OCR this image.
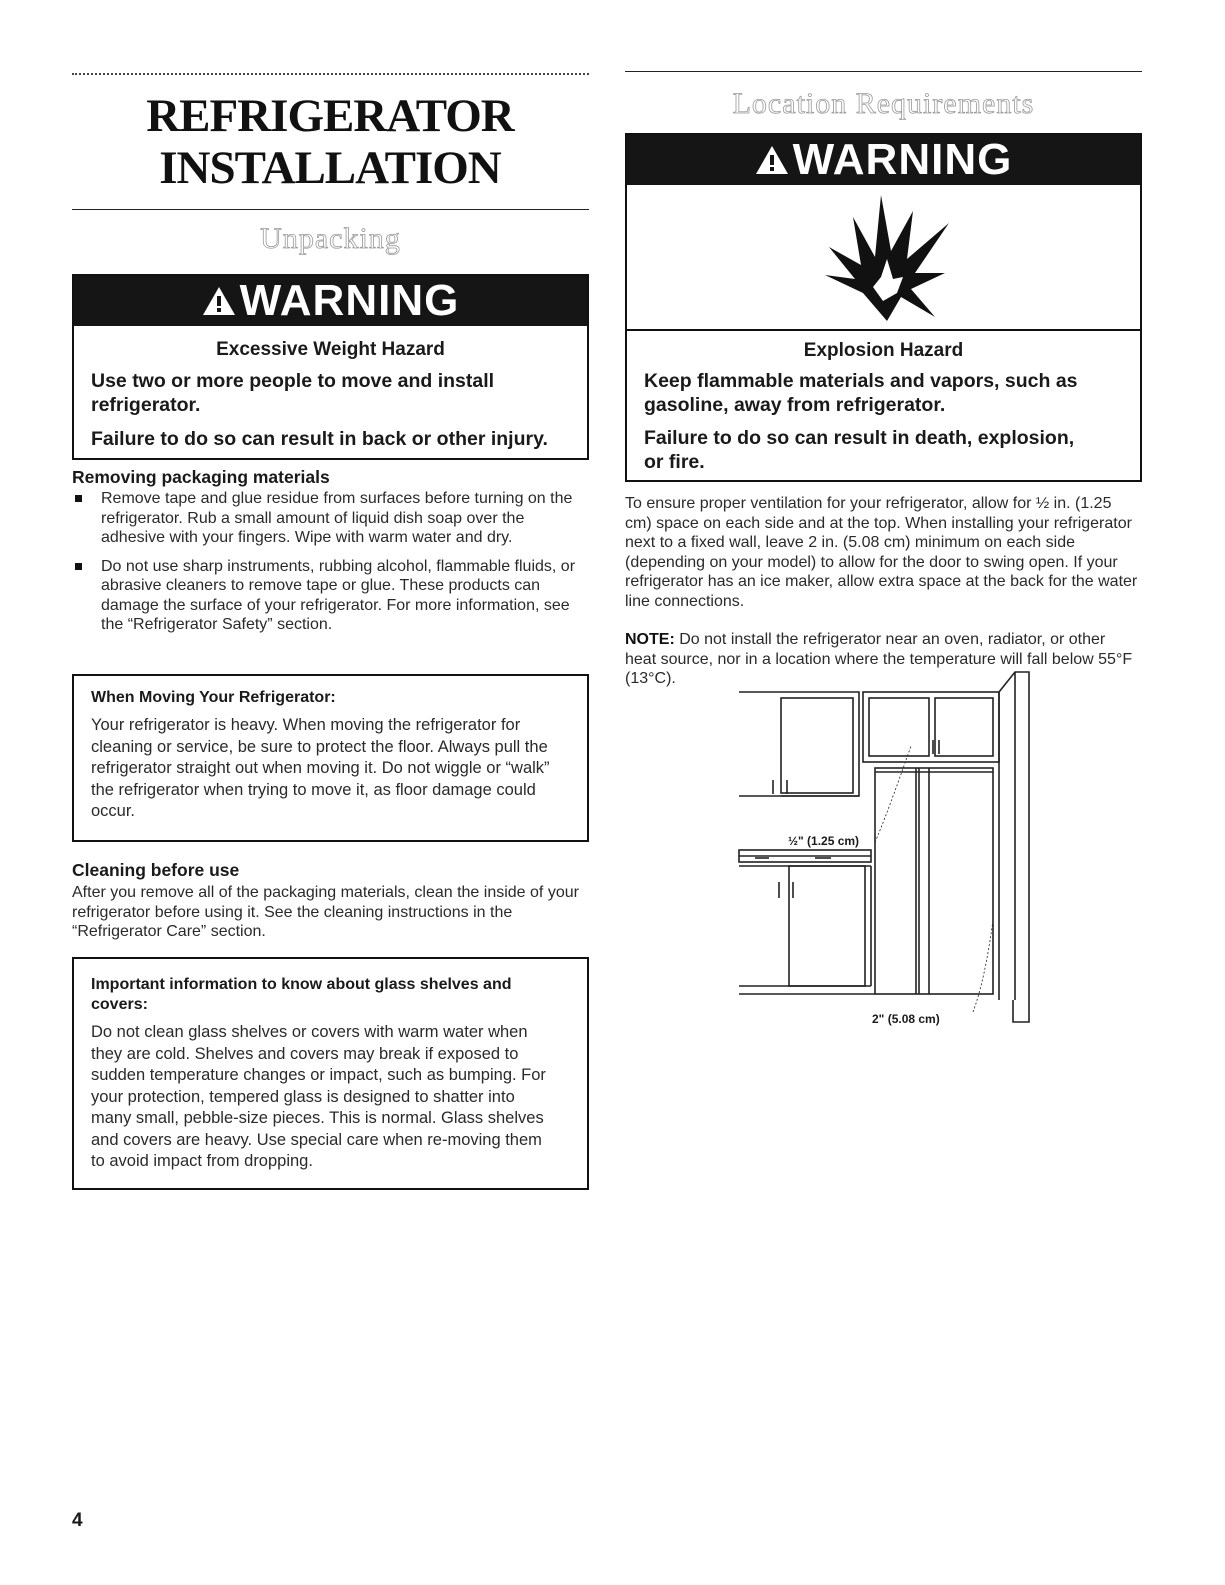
REFRIGERATOR
INSTALLATION
Unpacking
WARNING
Excessive Weight Hazard
Use two or more people to move and install refrigerator.
Failure to do so can result in back or other injury.
Removing packaging materials
Remove tape and glue residue from surfaces before turning on the refrigerator. Rub a small amount of liquid dish soap over the adhesive with your fingers. Wipe with warm water and dry.
Do not use sharp instruments, rubbing alcohol, flammable fluids, or abrasive cleaners to remove tape or glue. These products can damage the surface of your refrigerator. For more information, see the “Refrigerator Safety” section.
When Moving Your Refrigerator:
Your refrigerator is heavy. When moving the refrigerator for cleaning or service, be sure to protect the floor. Always pull the refrigerator straight out when moving it. Do not wiggle or “walk” the refrigerator when trying to move it, as floor damage could occur.
Cleaning before use
After you remove all of the packaging materials, clean the inside of your refrigerator before using it. See the cleaning instructions in the “Refrigerator Care” section.
Important information to know about glass shelves and covers:
Do not clean glass shelves or covers with warm water when they are cold. Shelves and covers may break if exposed to sudden temperature changes or impact, such as bumping. For your protection, tempered glass is designed to shatter into many small, pebble-size pieces. This is normal. Glass shelves and covers are heavy. Use special care when re-moving them to avoid impact from dropping.
Location Requirements
WARNING
Explosion Hazard
Keep flammable materials and vapors, such as gasoline, away from refrigerator.
Failure to do so can result in death, explosion, or fire.
To ensure proper ventilation for your refrigerator, allow for ½ in. (1.25 cm) space on each side and at the top. When installing your refrigerator next to a fixed wall, leave 2 in. (5.08 cm) minimum on each side (depending on your model) to allow for the door to swing open. If your refrigerator has an ice maker, allow extra space at the back for the water line connections.
NOTE: Do not install the refrigerator near an oven, radiator, or other heat source, nor in a location where the temperature will fall below 55°F (13°C).
½" (1.25 cm)
2" (5.08 cm)
4
